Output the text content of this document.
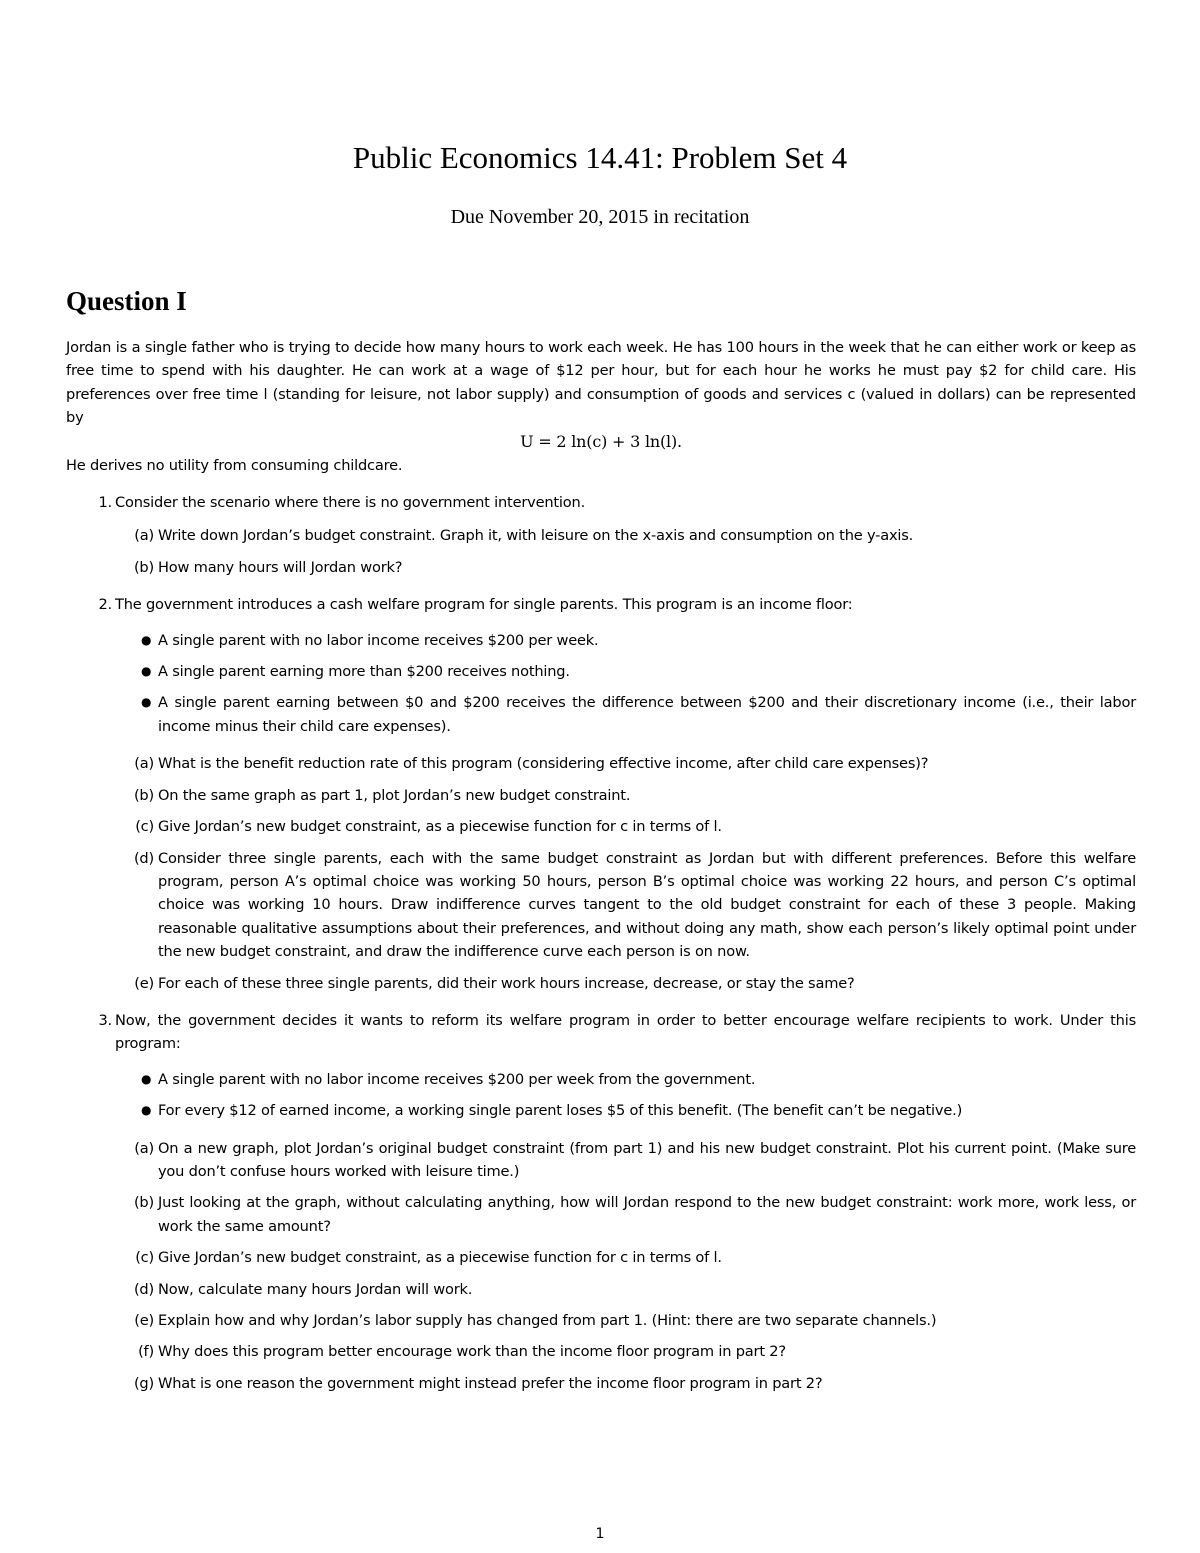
Public Economics 14.41: Problem Set 4
Due November 20, 2015 in recitation
Question I

Jordan is a single father who is trying to decide how many hours to work each week. He has 100 hours in the week that he can either work or keep as free time to spend with his daughter. He can work at a wage of $12 per hour, but for each hour he works he must pay $2 for child care. His preferences over free time l (standing for leisure, not labor supply) and consumption of goods and services c (valued in dollars) can be represented by

U = 2 ln(c) + 3 ln(l).

He derives no utility from consuming childcare.

1. Consider the scenario where there is no government intervention.
(a) Write down Jordan’s budget constraint. Graph it, with leisure on the x-axis and consumption on the y-axis.
(b) How many hours will Jordan work?
2. The government introduces a cash welfare program for single parents. This program is an income floor:
● A single parent with no labor income receives $200 per week.
● A single parent earning more than $200 receives nothing.
● A single parent earning between $0 and $200 receives the difference between $200 and their discretionary income (i.e., their labor income minus their child care expenses).
(a) What is the benefit reduction rate of this program (considering effective income, after child care expenses)?
(b) On the same graph as part 1, plot Jordan’s new budget constraint.
(c) Give Jordan’s new budget constraint, as a piecewise function for c in terms of l.
(d) Consider three single parents, each with the same budget constraint as Jordan but with different preferences. Before this welfare program, person A’s optimal choice was working 50 hours, person B’s optimal choice was working 22 hours, and person C’s optimal choice was working 10 hours. Draw indifference curves tangent to the old budget constraint for each of these 3 people. Making reasonable qualitative assumptions about their preferences, and without doing any math, show each person’s likely optimal point under the new budget constraint, and draw the indifference curve each person is on now.
(e) For each of these three single parents, did their work hours increase, decrease, or stay the same?
3. Now, the government decides it wants to reform its welfare program in order to better encourage welfare recipients to work. Under this program:
● A single parent with no labor income receives $200 per week from the government.
● For every $12 of earned income, a working single parent loses $5 of this benefit. (The benefit can’t be negative.)
(a) On a new graph, plot Jordan’s original budget constraint (from part 1) and his new budget constraint. Plot his current point. (Make sure you don’t confuse hours worked with leisure time.)
(b) Just looking at the graph, without calculating anything, how will Jordan respond to the new budget constraint: work more, work less, or work the same amount?
(c) Give Jordan’s new budget constraint, as a piecewise function for c in terms of l.
(d) Now, calculate many hours Jordan will work.
(e) Explain how and why Jordan’s labor supply has changed from part 1. (Hint: there are two separate channels.)
(f) Why does this program better encourage work than the income floor program in part 2?
(g) What is one reason the government might instead prefer the income floor program in part 2?
1
